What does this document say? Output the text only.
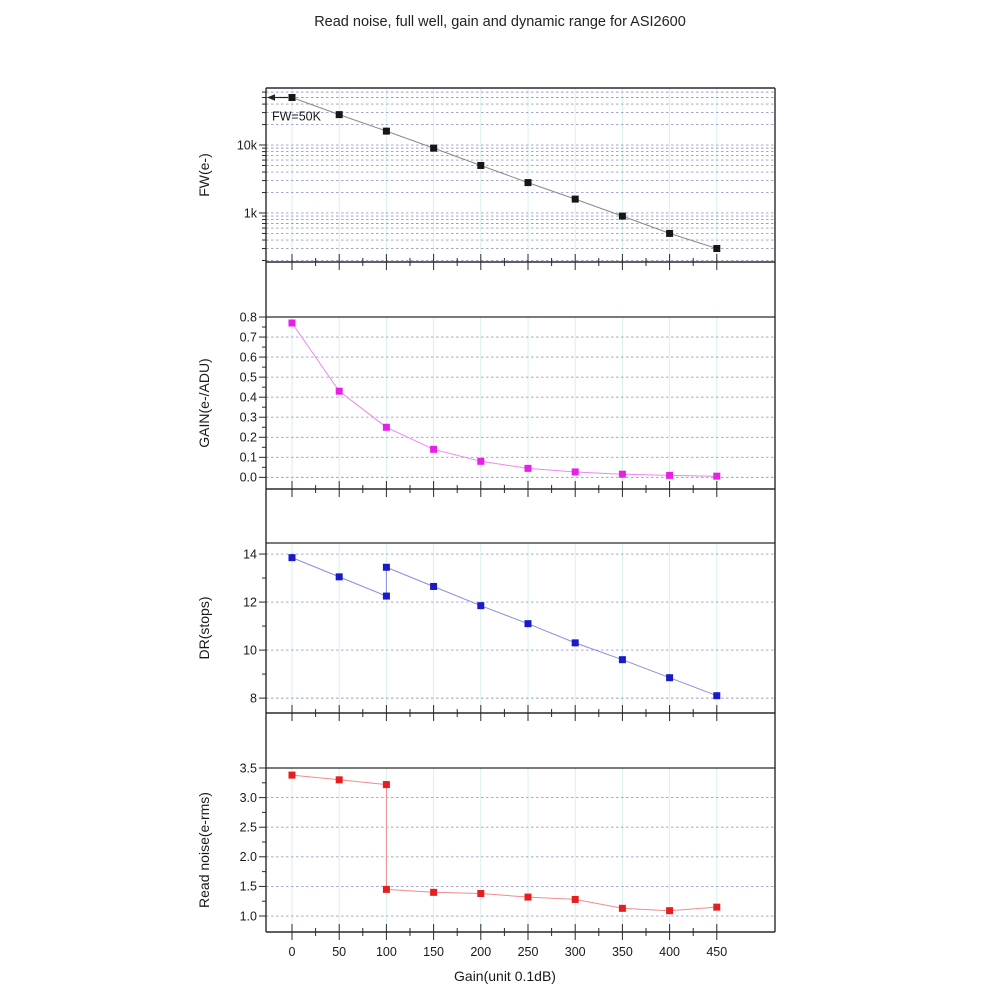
Read noise, full well, gain and dynamic range for ASI2600
10k
1k
FW(e-)
FW=50K
0.8
0.7
0.6
0.5
0.4
0.3
0.2
0.1
0.0
GAIN(e-/ADU)
14
12
10
8
DR(stops)
3.5
3.0
2.5
2.0
1.5
1.0
Read noise(e-rms)
0	50 100 150 200 250 300 350 400 450
Gain(unit 0.1dB)
